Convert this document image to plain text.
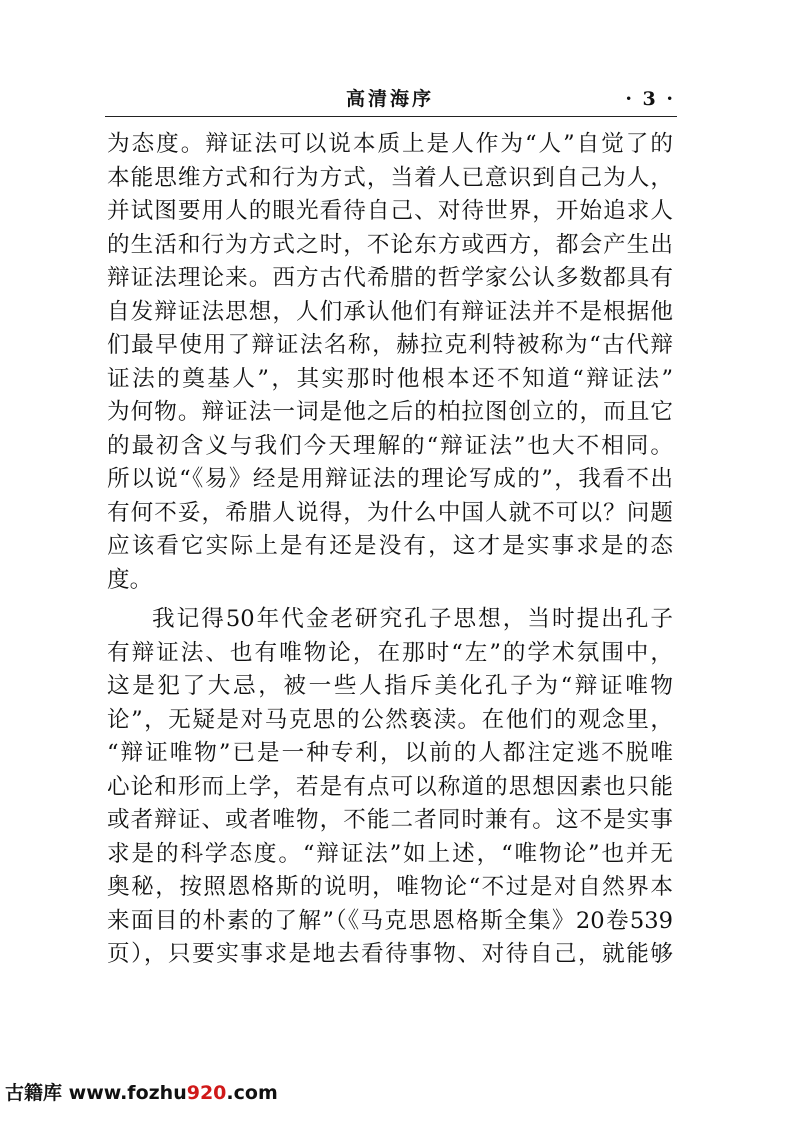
高清海序	· 3 ·
为态度。辩证法可以说本质上是人作为“人”自觉了的
本能思维方式和行为方式，当着人已意识到自己为人，
并试图要用人的眼光看待自己、对待世界，开始追求人
的生活和行为方式之时，不论东方或西方，都会产生出
辩证法理论来。西方古代希腊的哲学家公认多数都具有
自发辩证法思想，人们承认他们有辩证法并不是根据他
们最早使用了辩证法名称，赫拉克利特被称为“古代辩
证法的奠基人”，其实那时他根本还不知道“辩证法”
为何物。辩证法一词是他之后的柏拉图创立的，而且它
的最初含义与我们今天理解的“辩证法”也大不相同。
所以说“《易》经是用辩证法的理论写成的”，我看不出
有何不妥，希腊人说得，为什么中国人就不可以？问题
应该看它实际上是有还是没有，这才是实事求是的态
度。
我记得50年代金老研究孔子思想，当时提出孔子
有辩证法、也有唯物论，在那时“左”的学术氛围中，
这是犯了大忌，被一些人指斥美化孔子为“辩证唯物
论”，无疑是对马克思的公然亵渎。在他们的观念里，
“辩证唯物”已是一种专利，以前的人都注定逃不脱唯
心论和形而上学，若是有点可以称道的思想因素也只能
或者辩证、或者唯物，不能二者同时兼有。这不是实事
求是的科学态度。“辩证法”如上述，“唯物论”也并无
奥秘，按照恩格斯的说明，唯物论“不过是对自然界本
来面目的朴素的了解”（《马克思恩格斯全集》20卷539
页），只要实事求是地去看待事物、对待自己，就能够
古籍库 www.fozhu920.com
